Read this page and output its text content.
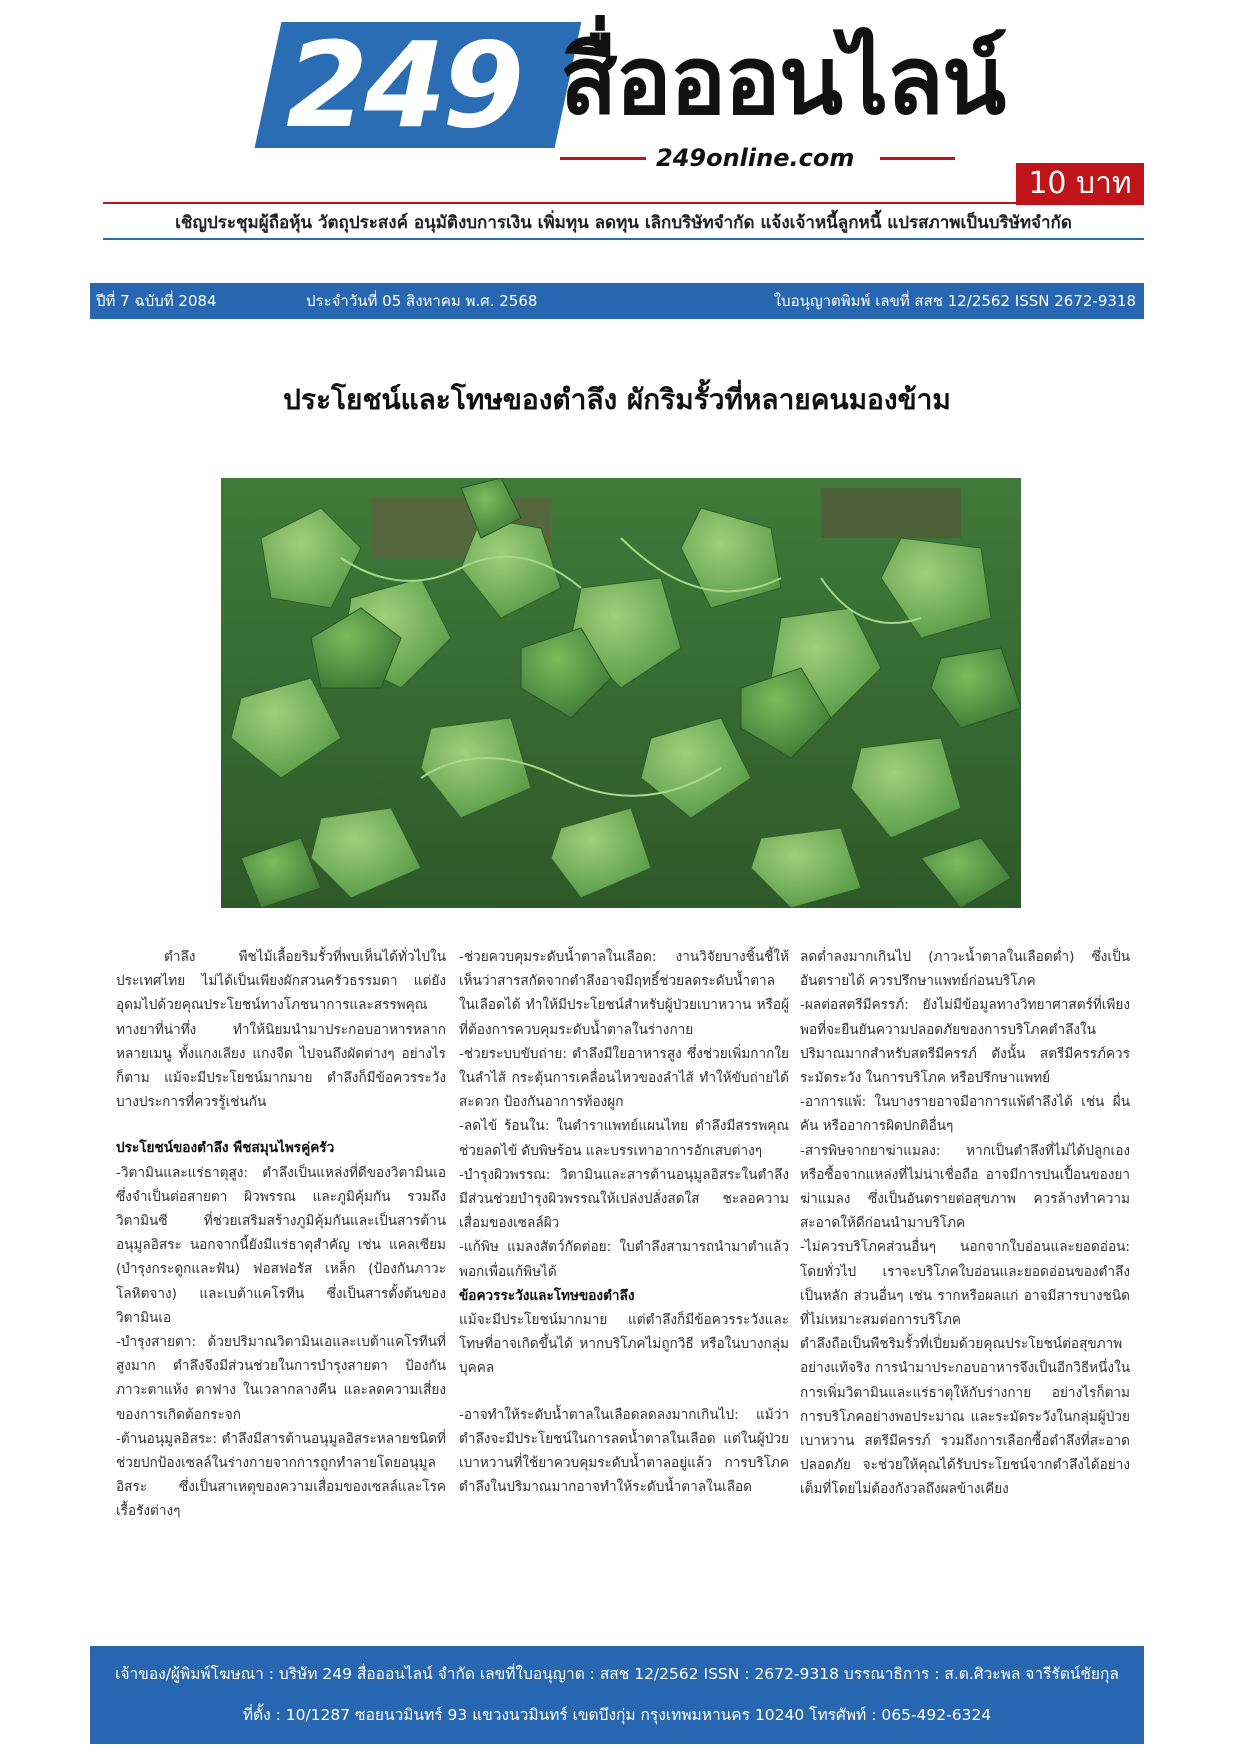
249 สื่อออนไลน์
249online.com
10 บาท
เชิญประชุมผู้ถือหุ้น วัตถุประสงค์ อนุมัติงบการเงิน เพิ่มทุน ลดทุน เลิกบริษัทจำกัด แจ้งเจ้าหนี้ลูกหนี้ แปรสภาพเป็นบริษัทจำกัด
ปีที่ 7 ฉบับที่ 2084	ประจำวันที่ 05 สิงหาคม พ.ศ. 2568	ใบอนุญาตพิมพ์ เลขที่ สสช 12/2562 ISSN 2672-9318
ประโยชน์และโทษของตำลึง ผักริมรั้วที่หลายคนมองข้าม

ตำลึง พืชไม้เลื้อยริมรั้วที่พบเห็นได้ทั่วไปในประเทศไทย ไม่ได้เป็นเพียงผักสวนครัวธรรมดา แต่ยังอุดมไปด้วยคุณประโยชน์ทางโภชนาการและสรรพคุณทางยาที่น่าทึ่ง ทำให้นิยมนำมาประกอบอาหารหลากหลายเมนู ทั้งแกงเลียง แกงจืด ไปจนถึงผัดต่างๆ อย่างไรก็ตาม แม้จะมีประโยชน์มากมาย ตำลึงก็มีข้อควรระวังบางประการที่ควรรู้เช่นกัน

ประโยชน์ของตำลึง พืชสมุนไพรคู่ครัว

-วิตามินและแร่ธาตุสูง: ตำลึงเป็นแหล่งที่ดีของวิตามินเอ ซึ่งจำเป็นต่อสายตา ผิวพรรณ และภูมิคุ้มกัน รวมถึง วิตามินซี ที่ช่วยเสริมสร้างภูมิคุ้มกันและเป็นสารต้านอนุมูลอิสระ นอกจากนี้ยังมีแร่ธาตุสำคัญ เช่น แคลเซียม (บำรุงกระดูกและฟัน) ฟอสฟอรัส เหล็ก (ป้องกันภาวะโลหิตจาง) และเบต้าแคโรทีน ซึ่งเป็นสารตั้งต้นของวิตามินเอ

-บำรุงสายตา: ด้วยปริมาณวิตามินเอและเบต้าแคโรทีนที่สูงมาก ตำลึงจึงมีส่วนช่วยในการบำรุงสายตา ป้องกันภาวะตาแห้ง ตาฟาง ในเวลากลางคืน และลดความเสี่ยงของการเกิดต้อกระจก

-ต้านอนุมูลอิสระ: ตำลึงมีสารต้านอนุมูลอิสระหลายชนิดที่ช่วยปกป้องเซลล์ในร่างกายจากการถูกทำลายโดยอนุมูลอิสระ ซึ่งเป็นสาเหตุของความเสื่อมของเซลล์และโรคเรื้อรังต่างๆ

-ช่วยควบคุมระดับน้ำตาลในเลือด: งานวิจัยบางชิ้นชี้ให้เห็นว่าสารสกัดจากตำลึงอาจมีฤทธิ์ช่วยลดระดับน้ำตาลในเลือดได้ ทำให้มีประโยชน์สำหรับผู้ป่วยเบาหวาน หรือผู้ที่ต้องการควบคุมระดับน้ำตาลในร่างกาย

-ช่วยระบบขับถ่าย: ตำลึงมีใยอาหารสูง ซึ่งช่วยเพิ่มกากใยในลำไส้ กระตุ้นการเคลื่อนไหวของลำไส้ ทำให้ขับถ่ายได้สะดวก ป้องกันอาการท้องผูก

-ลดไข้ ร้อนใน: ในตำราแพทย์แผนไทย ตำลึงมีสรรพคุณช่วยลดไข้ ดับพิษร้อน และบรรเทาอาการอักเสบต่างๆ

-บำรุงผิวพรรณ: วิตามินและสารต้านอนุมูลอิสระในตำลึงมีส่วนช่วยบำรุงผิวพรรณให้เปล่งปลั่งสดใส ชะลอความเสื่อมของเซลล์ผิว

-แก้พิษ แมลงสัตว์กัดต่อย: ใบตำลึงสามารถนำมาตำแล้วพอกเพื่อแก้พิษได้

ข้อควรระวังและโทษของตำลึง

แม้จะมีประโยชน์มากมาย แต่ตำลึงก็มีข้อควรระวังและโทษที่อาจเกิดขึ้นได้ หากบริโภคไม่ถูกวิธี หรือในบางกลุ่มบุคคล

-อาจทำให้ระดับน้ำตาลในเลือดลดลงมากเกินไป: แม้ว่าตำลึงจะมีประโยชน์ในการลดน้ำตาลในเลือด แต่ในผู้ป่วยเบาหวานที่ใช้ยาควบคุมระดับน้ำตาลอยู่แล้ว การบริโภคตำลึงในปริมาณมากอาจทำให้ระดับน้ำตาลในเลือด

ลดต่ำลงมากเกินไป (ภาวะน้ำตาลในเลือดต่ำ) ซึ่งเป็นอันตรายได้ ควรปรึกษาแพทย์ก่อนบริโภค

-ผลต่อสตรีมีครรภ์: ยังไม่มีข้อมูลทางวิทยาศาสตร์ที่เพียงพอที่จะยืนยันความปลอดภัยของการบริโภคตำลึงในปริมาณมากสำหรับสตรีมีครรภ์ ดังนั้น สตรีมีครรภ์ควรระมัดระวัง ในการบริโภค หรือปรึกษาแพทย์

-อาการแพ้: ในบางรายอาจมีอาการแพ้ตำลึงได้ เช่น ผื่นคัน หรืออาการผิดปกติอื่นๆ

-สารพิษจากยาฆ่าแมลง: หากเป็นตำลึงที่ไม่ได้ปลูกเองหรือซื้อจากแหล่งที่ไม่น่าเชื่อถือ อาจมีการปนเปื้อนของยาฆ่าแมลง ซึ่งเป็นอันตรายต่อสุขภาพ ควรล้างทำความสะอาดให้ดีก่อนนำมาบริโภค

-ไม่ควรบริโภคส่วนอื่นๆ นอกจากใบอ่อนและยอดอ่อน: โดยทั่วไป เราจะบริโภคใบอ่อนและยอดอ่อนของตำลึงเป็นหลัก ส่วนอื่นๆ เช่น รากหรือผลแก่ อาจมีสารบางชนิดที่ไม่เหมาะสมต่อการบริโภค

ตำลึงถือเป็นพืชริมรั้วที่เปี่ยมด้วยคุณประโยชน์ต่อสุขภาพอย่างแท้จริง การนำมาประกอบอาหารจึงเป็นอีกวิธีหนึ่งในการเพิ่มวิตามินและแร่ธาตุให้กับร่างกาย อย่างไรก็ตาม การบริโภคอย่างพอประมาณ และระมัดระวังในกลุ่มผู้ป่วยเบาหวาน สตรีมีครรภ์ รวมถึงการเลือกซื้อตำลึงที่สะอาด ปลอดภัย จะช่วยให้คุณได้รับประโยชน์จากตำลึงได้อย่างเต็มที่โดยไม่ต้องกังวลถึงผลข้างเคียง

เจ้าของ/ผู้พิมพ์โฆษณา : บริษัท 249 สื่อออนไลน์ จำกัด เลขที่ใบอนุญาต : สสช 12/2562 ISSN : 2672-9318 บรรณาธิการ : ส.ต.ศิวะพล จารีรัตน์ชัยกุล
ที่ตั้ง : 10/1287 ซอยนวมินทร์ 93 แขวงนวมินทร์ เขตบึงกุ่ม กรุงเทพมหานคร 10240 โทรศัพท์ : 065-492-6324
